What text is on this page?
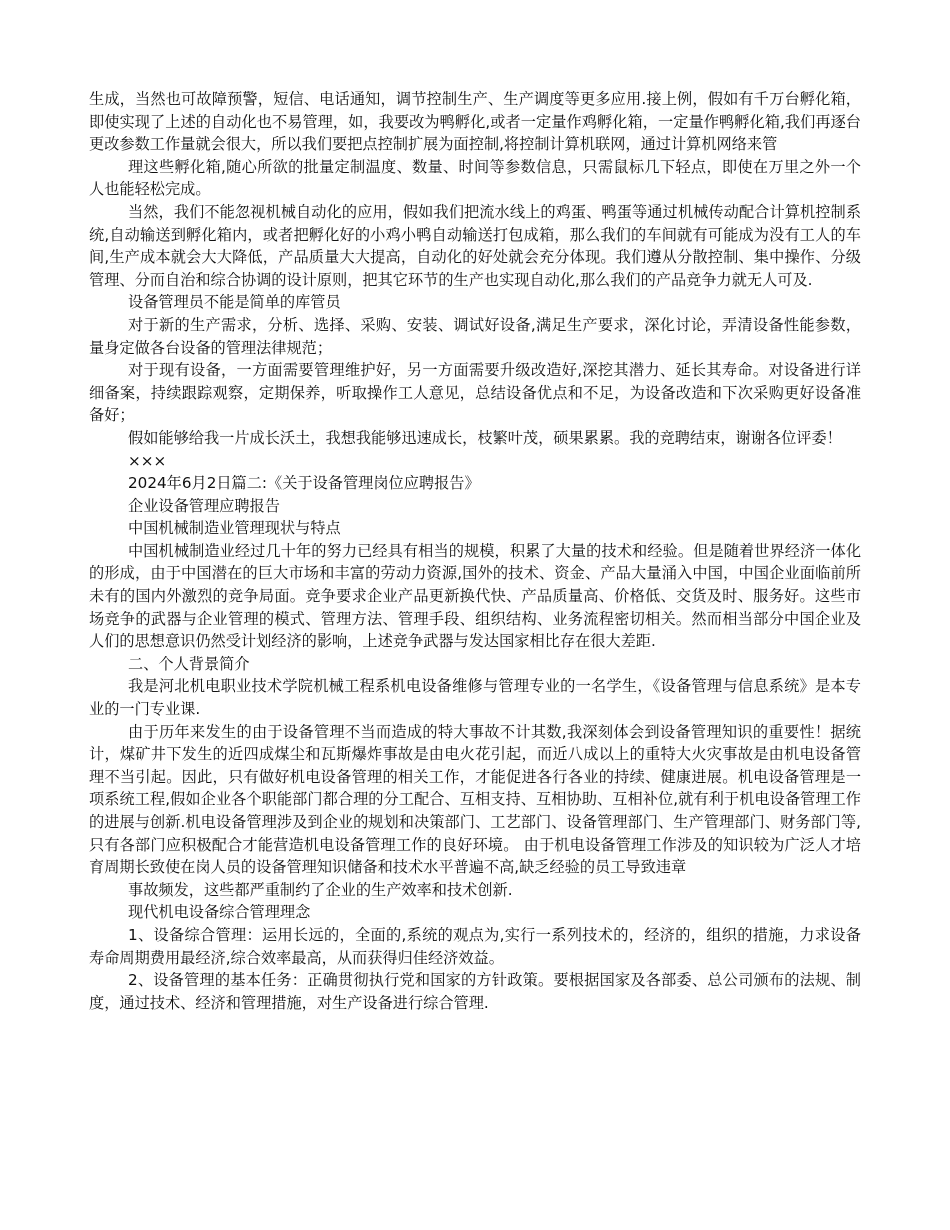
生成，当然也可故障预警，短信、电话通知，调节控制生产、生产调度等更多应用.接上例，假如有千万台孵化箱，即使实现了上述的自动化也不易管理，如，我要改为鸭孵化,或者一定量作鸡孵化箱，一定量作鸭孵化箱,我们再逐台更改参数工作量就会很大，所以我们要把点控制扩展为面控制,将控制计算机联网，通过计算机网络来管

理这些孵化箱,随心所欲的批量定制温度、数量、时间等参数信息，只需鼠标几下轻点，即使在万里之外一个人也能轻松完成。

当然，我们不能忽视机械自动化的应用，假如我们把流水线上的鸡蛋、鸭蛋等通过机械传动配合计算机控制系统,自动输送到孵化箱内，或者把孵化好的小鸡小鸭自动输送打包成箱，那么我们的车间就有可能成为没有工人的车间,生产成本就会大大降低，产品质量大大提高，自动化的好处就会充分体现。我们遵从分散控制、集中操作、分级管理、分而自治和综合协调的设计原则，把其它环节的生产也实现自动化,那么我们的产品竞争力就无人可及.

设备管理员不能是简单的库管员

对于新的生产需求，分析、选择、采购、安装、调试好设备,满足生产要求，深化讨论，弄清设备性能参数，量身定做各台设备的管理法律规范；

对于现有设备，一方面需要管理维护好，另一方面需要升级改造好,深挖其潜力、延长其寿命。对设备进行详细备案，持续跟踪观察，定期保养，听取操作工人意见，总结设备优点和不足，为设备改造和下次采购更好设备准备好；

假如能够给我一片成长沃土，我想我能够迅速成长，枝繁叶茂，硕果累累。我的竞聘结束，谢谢各位评委！

×××

2024年6月2日篇二:《关于设备管理岗位应聘报告》

企业设备管理应聘报告

中国机械制造业管理现状与特点

中国机械制造业经过几十年的努力已经具有相当的规模，积累了大量的技术和经验。但是随着世界经济一体化的形成，由于中国潜在的巨大市场和丰富的劳动力资源,国外的技术、资金、产品大量涌入中国，中国企业面临前所未有的国内外激烈的竞争局面。竞争要求企业产品更新换代快、产品质量高、价格低、交货及时、服务好。这些市场竞争的武器与企业管理的模式、管理方法、管理手段、组织结构、业务流程密切相关。然而相当部分中国企业及人们的思想意识仍然受计划经济的影响，上述竞争武器与发达国家相比存在很大差距.

二、个人背景简介

我是河北机电职业技术学院机械工程系机电设备维修与管理专业的一名学生，《设备管理与信息系统》是本专业的一门专业课.

由于历年来发生的由于设备管理不当而造成的特大事故不计其数,我深刻体会到设备管理知识的重要性！据统计，煤矿井下发生的近四成煤尘和瓦斯爆炸事故是由电火花引起，而近八成以上的重特大火灾事故是由机电设备管理不当引起。因此，只有做好机电设备管理的相关工作，才能促进各行各业的持续、健康进展。机电设备管理是一项系统工程,假如企业各个职能部门都合理的分工配合、互相支持、互相协助、互相补位,就有利于机电设备管理工作的进展与创新.机电设备管理涉及到企业的规划和决策部门、工艺部门、设备管理部门、生产管理部门、财务部门等,只有各部门应积极配合才能营造机电设备管理工作的良好环境。 由于机电设备管理工作涉及的知识较为广泛人才培育周期长致使在岗人员的设备管理知识储备和技术水平普遍不高,缺乏经验的员工导致违章

事故频发，这些都严重制约了企业的生产效率和技术创新.

现代机电设备综合管理理念

1、设备综合管理：运用长远的，全面的,系统的观点为,实行一系列技术的，经济的，组织的措施，力求设备寿命周期费用最经济,综合效率最高，从而获得归佳经济效益。

2、设备管理的基本任务：正确贯彻执行党和国家的方针政策。要根据国家及各部委、总公司颁布的法规、制度，通过技术、经济和管理措施，对生产设备进行综合管理.
